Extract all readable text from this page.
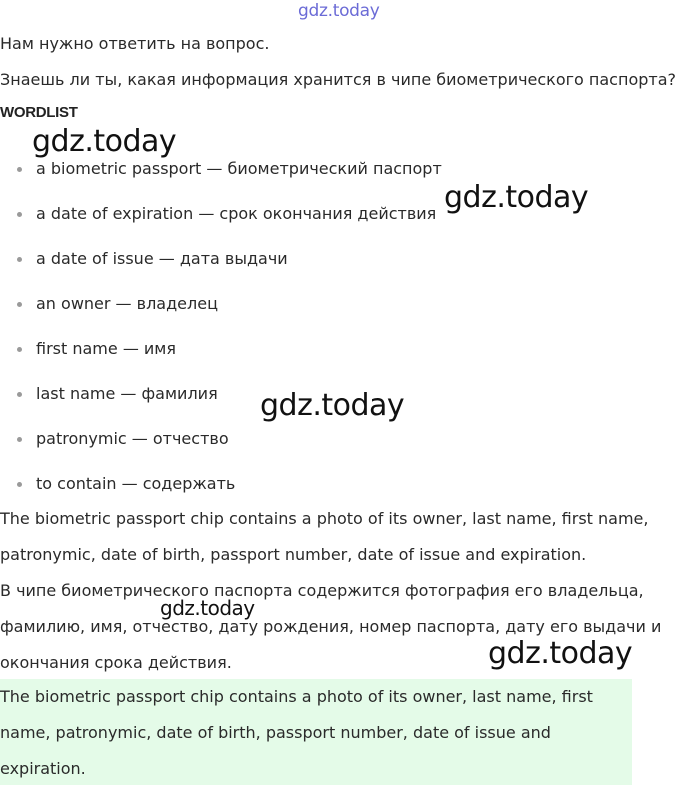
gdz.today
Нам нужно ответить на вопрос.
Знаешь ли ты, какая информация хранится в чипе биометрического паспорта?
WORDLIST
a biometric passport — биометрический паспорт
a date of expiration — срок окончания действия
a date of issue — дата выдачи
an owner — владелец
first name — имя
last name — фамилия
patronymic — отчество
to contain — содержать
The biometric passport chip contains a photo of its owner, last name, first name,
patronymic, date of birth, passport number, date of issue and expiration.
В чипе биометрического паспорта содержится фотография его владельца,
фамилию, имя, отчество, дату рождения, номер паспорта, дату его выдачи и
окончания срока действия.
The biometric passport chip contains a photo of its owner, last name, first
name, patronymic, date of birth, passport number, date of issue and
expiration.
gdz.today
gdz.today
gdz.today
gdz.today
gdz.today
